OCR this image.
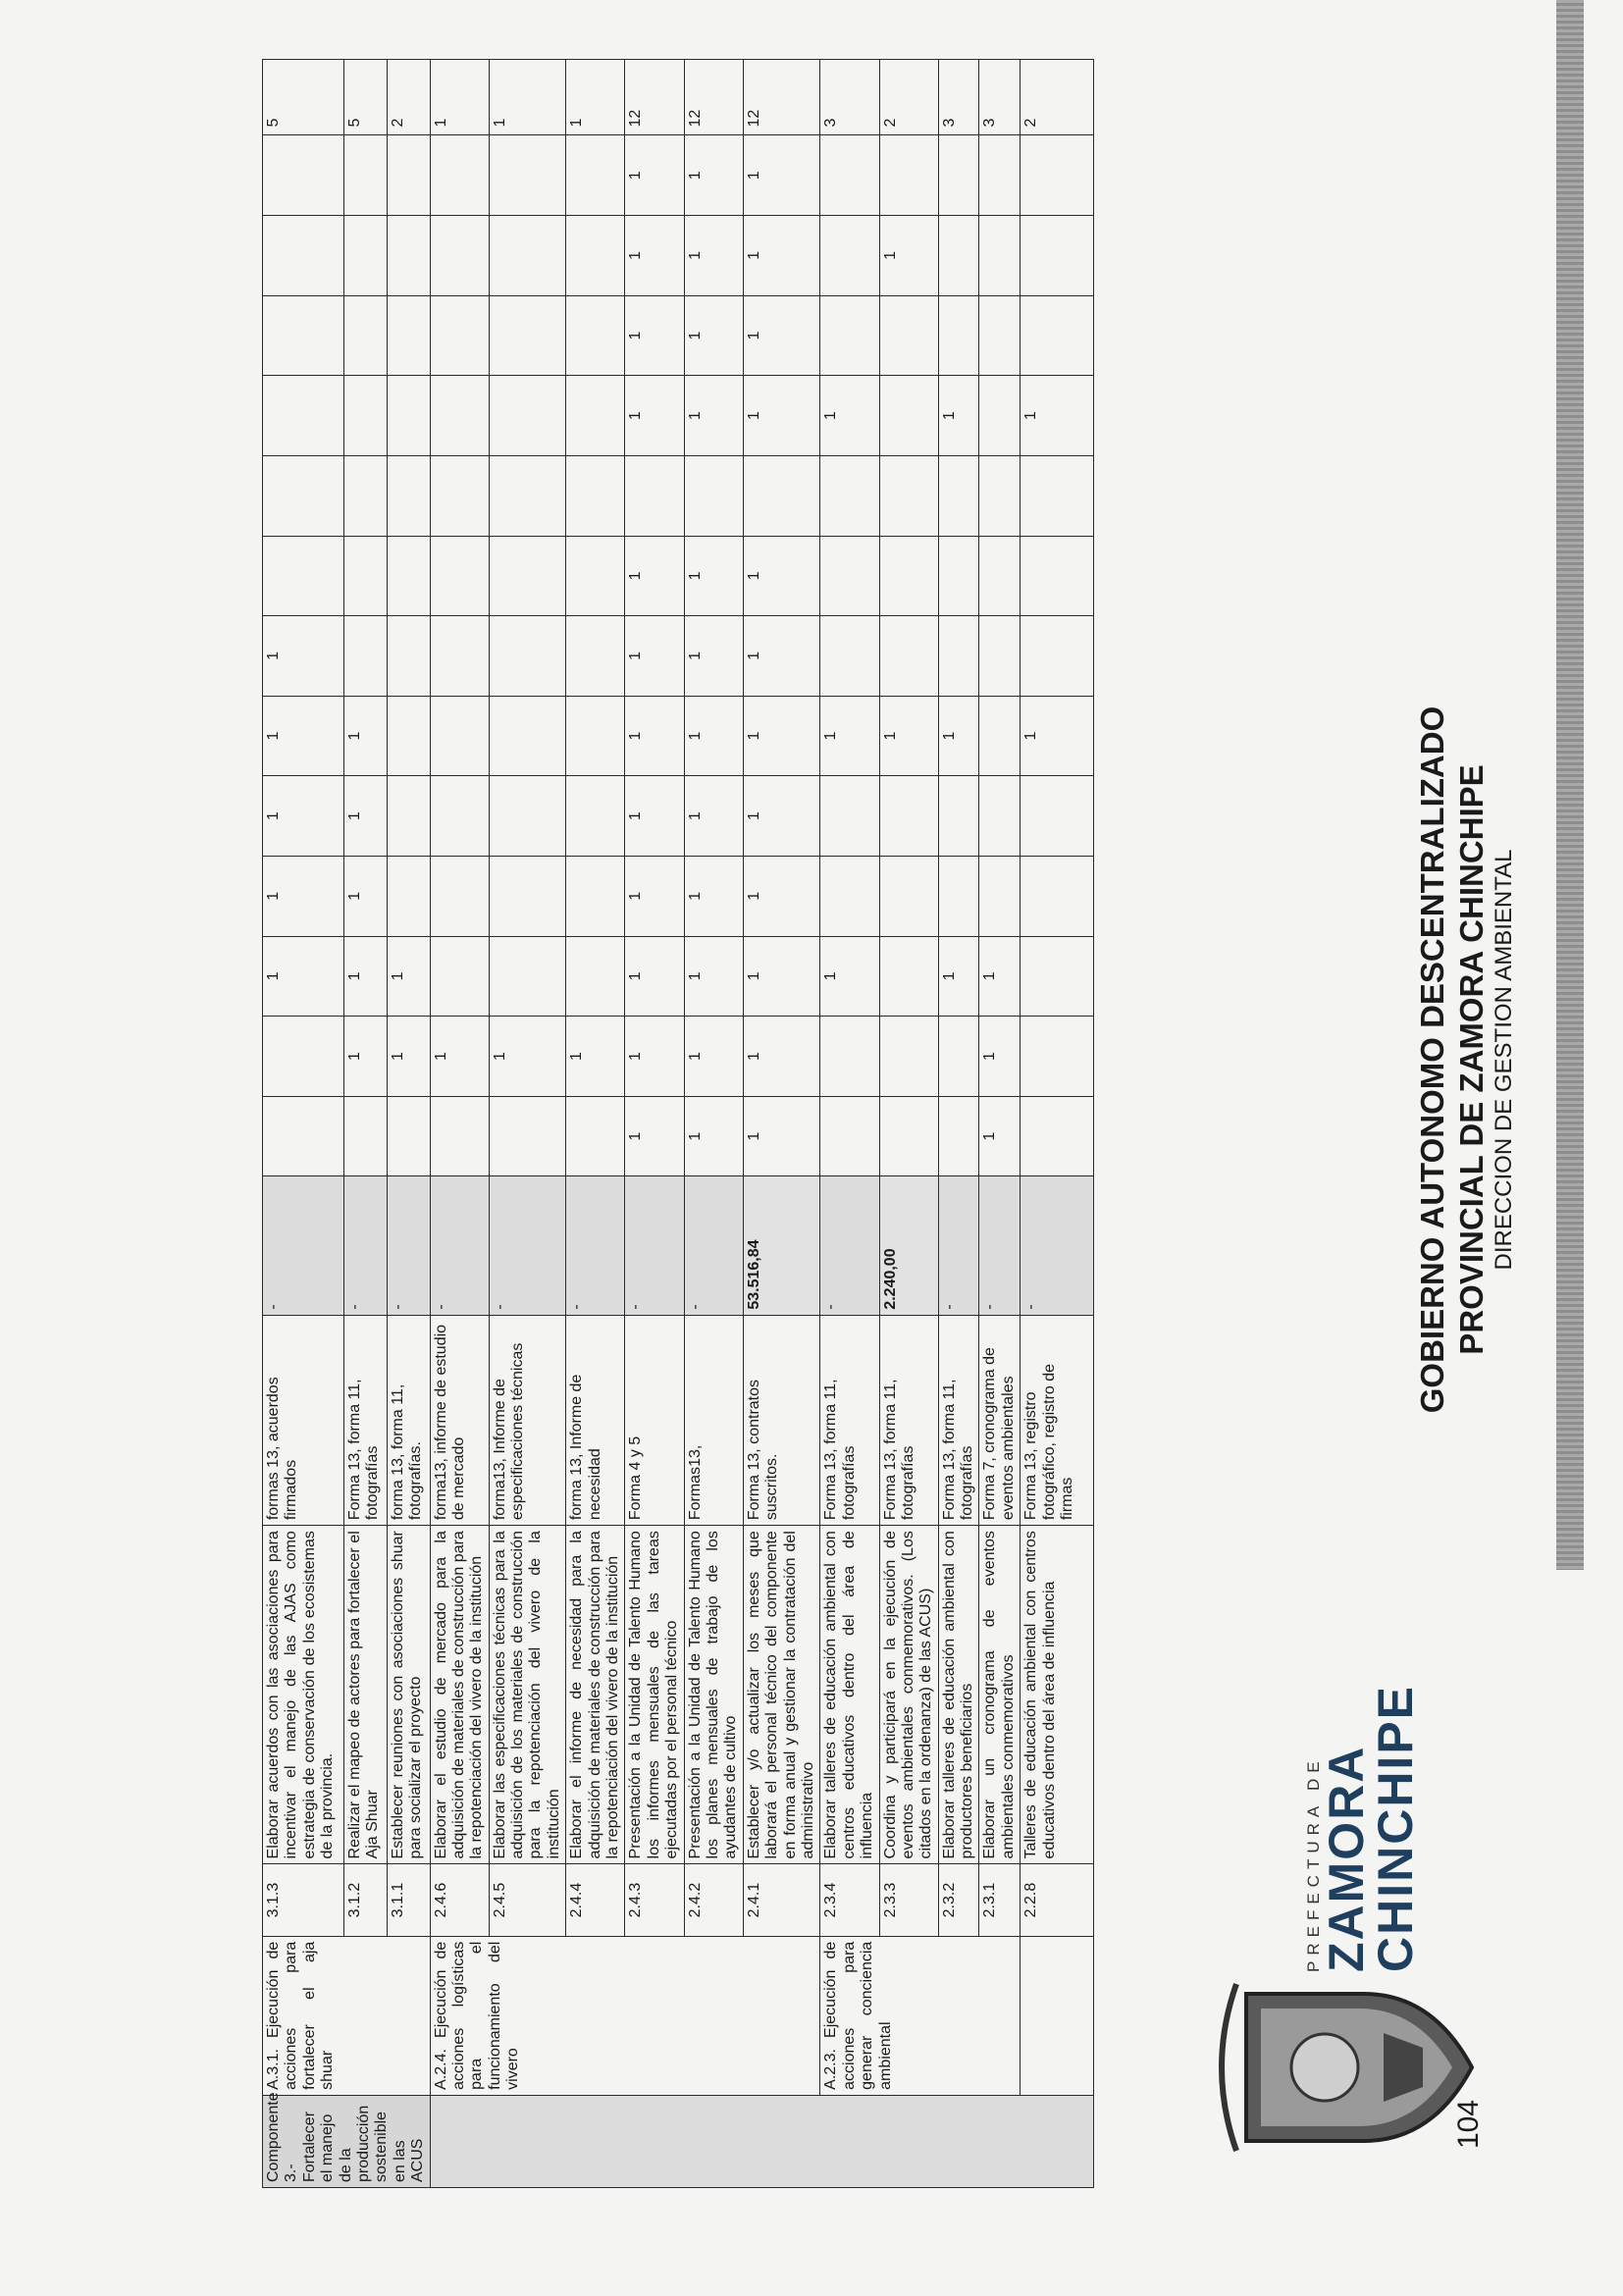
PREFECTURA DE
ZAMORA
CHINCHIPE
GOBIERNO AUTONOMO DESCENTRALIZADO PROVINCIAL DE ZAMORA CHINCHIPE DIRECCION DE GESTION AMBIENTAL
104
Componente 3.- Fortalecer el manejo de la producción sostenible en las ACUS	A.3.1. Ejecución de acciones para fortalecer el aja shuar	3.1.3	Elaborar acuerdos con las asociaciones para incentivar el manejo de las AJAS como estrategia de conservación de los ecosistemas de la provincia.	formas 13, acuerdos firmados	-			1	1	1	1	1							5
		3.1.2	Realizar el mapeo de actores para fortalecer el Aja Shuar	Forma 13, forma 11, fotografías	-		1	1	1	1	1								5
		3.1.1	Establecer reuniones con asociaciones shuar para socializar el proyecto	forma 13, forma 11, fotografías.	-		1	1											2
	A.2.4. Ejecución de acciones logísticas para el funcionamiento del vivero	2.4.6	Elaborar el estudio de mercado para la adquisición de materiales de construcción para la repotenciación del vivero de la institución	forma13, informe de estudio de mercado	-		1												1
		2.4.5	Elaborar las especificaciones técnicas para la adquisición de los materiales de construcción para la repotenciación del vivero de la institución	forma13, Informe de especificaciones técnicas	-		1												1
		2.4.4	Elaborar el informe de necesidad para la adquisición de materiales de construcción para la repotenciación del vivero de la institución	forma 13, Informe de necesidad	-		1												1
		2.4.3	Presentación a la Unidad de Talento Humano los informes mensuales de las tareas ejecutadas por el personal técnico	Forma 4 y 5	-	1	1	1	1	1	1	1	1		1	1	1	1	12
		2.4.2	Presentación a la Unidad de Talento Humano los planes mensuales de trabajo de los ayudantes de cultivo	Formas13,	-	1	1	1	1	1	1	1	1		1	1	1	1	12
		2.4.1	Establecer y/o actualizar los meses que laborará el personal técnico del componente en forma anual y gestionar la contratación del administrativo	Forma 13, contratos suscritos.	53.516,84	1	1	1	1	1	1	1	1		1	1	1	1	12
	A.2.3. Ejecución de acciones para generar conciencia ambiental	2.3.4	Elaborar talleres de educación ambiental con centros educativos dentro del área de influencia	Forma 13, forma 11, fotografías	-			1			1				1				3
		2.3.3	Coordina y participará en la ejecución de eventos ambientales conmemorativos. (Los citados en la ordenanza) de las ACUS)	Forma 13, forma 11, fotografías	2.240,00						1						1		2
		2.3.2	Elaborar talleres de educación ambiental con productores beneficiarios	Forma 13, forma 11, fotografías	-			1			1				1				3
		2.3.1	Elaborar un cronograma de eventos ambientales conmemorativos	Forma 7, cronograma de eventos ambientales	-	1	1	1											3
		2.2.8	Talleres de educación ambiental con centros educativos dentro del área de influencia	Forma 13, registro fotográfico, registro de firmas	-						1				1				2
